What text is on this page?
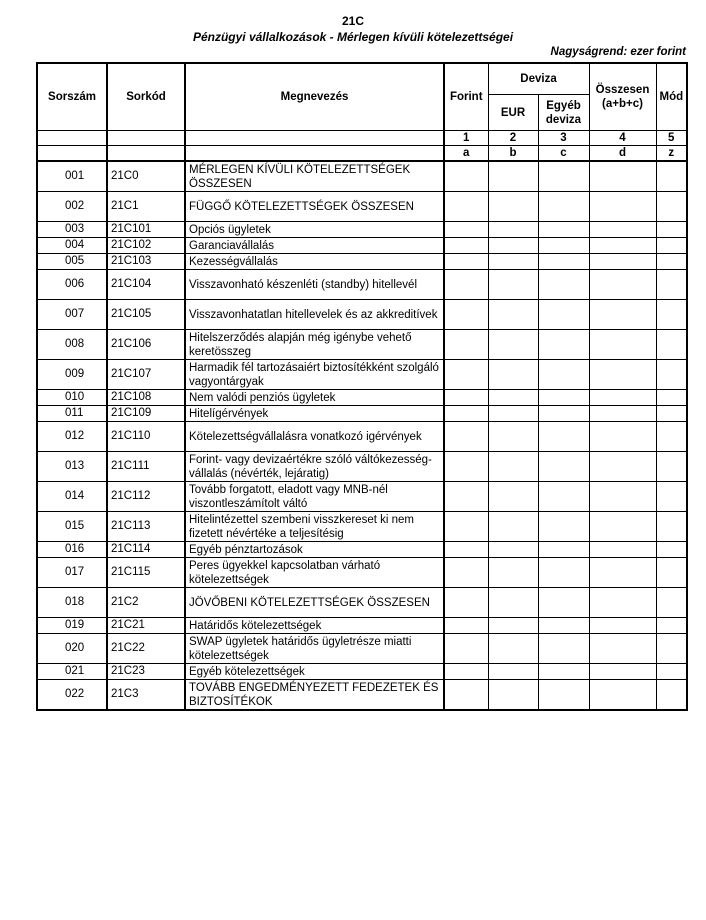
21C
Pénzügyi vállalkozások - Mérlegen kívüli kötelezettségei
Nagyságrend: ezer forint
Sorszám	Sorkód	Megnevezés	Forint	Deviza		Összesen (a+b+c)	Mód
				EUR	Egyéb deviza		
			1	2	3	4	5
			a	b	c	d	z
001	21C0	MÉRLEGEN KÍVÜLI KÖTELEZETTSÉGEK ÖSSZESEN					
002	21C1	FÜGGŐ KÖTELEZETTSÉGEK ÖSSZESEN					
003	21C101	Opciós ügyletek					
004	21C102	Garanciavállalás					
005	21C103	Kezességvállalás					
006	21C104	Visszavonható készenléti (standby) hitellevél					
007	21C105	Visszavonhatatlan hitellevelek és az akkreditívek					
008	21C106	Hitelszerződés alapján még igénybe vehető keretösszeg					
009	21C107	Harmadik fél tartozásaiért biztosítékként szolgáló vagyontárgyak					
010	21C108	Nem valódi penziós ügyletek					
011	21C109	Hitelígérvények					
012	21C110	Kötelezettségvállalásra vonatkozó igérvények					
013	21C111	Forint- vagy devizaértékre szóló váltókezesség-vállalás (névérték, lejáratig)					
014	21C112	Tovább forgatott, eladott vagy MNB-nél viszontleszámítolt váltó					
015	21C113	Hitelintézettel szembeni visszkereset ki nem fizetett névértéke a teljesítésig					
016	21C114	Egyéb pénztartozások					
017	21C115	Peres ügyekkel kapcsolatban várható kötelezettségek					
018	21C2	JÖVŐBENI KÖTELEZETTSÉGEK ÖSSZESEN					
019	21C21	Határidős kötelezettségek					
020	21C22	SWAP ügyletek határidős ügyletrésze miatti kötelezettségek					
021	21C23	Egyéb kötelezettségek					
022	21C3	TOVÁBB ENGEDMÉNYEZETT FEDEZETEK ÉS BIZTOSÍTÉKOK					
